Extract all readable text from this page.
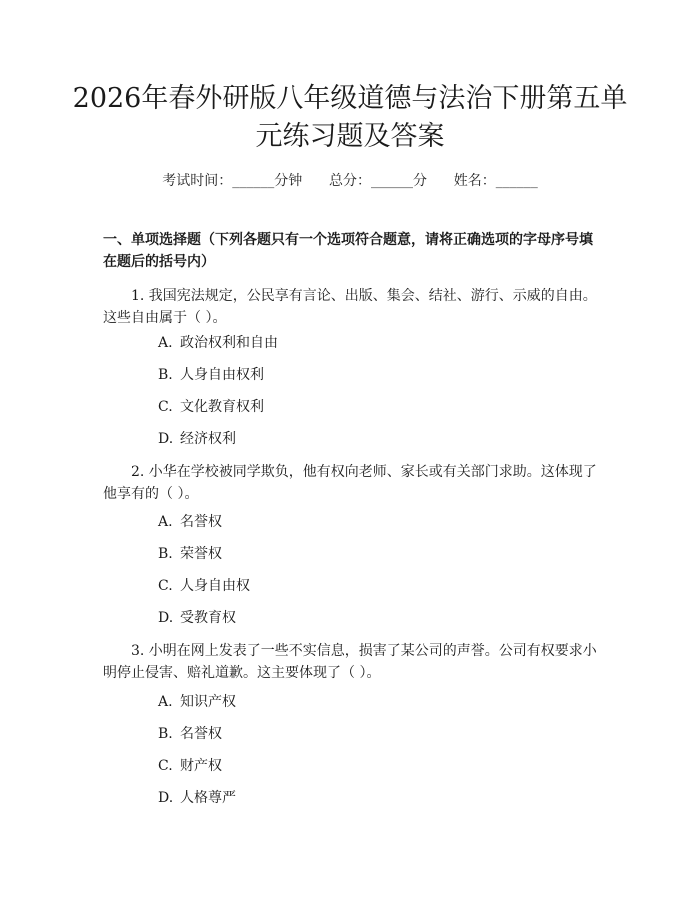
2026年春外研版八年级道德与法治下册第五单元练习题及答案
考试时间：______分钟      总分：______分      姓名：______

一、单项选择题（下列各题只有一个选项符合题意，请将正确选项的字母序号填在题后的括号内）

1. 我国宪法规定，公民享有言论、出版、集会、结社、游行、示威的自由。这些自由属于（ ）。

A. 政治权利和自由
B. 人身自由权利
C. 文化教育权利
D. 经济权利

2. 小华在学校被同学欺负，他有权向老师、家长或有关部门求助。这体现了他享有的（ ）。

A. 名誉权
B. 荣誉权
C. 人身自由权
D. 受教育权

3. 小明在网上发表了一些不实信息，损害了某公司的声誉。公司有权要求小明停止侵害、赔礼道歉。这主要体现了（ ）。

A. 知识产权
B. 名誉权
C. 财产权
D. 人格尊严
